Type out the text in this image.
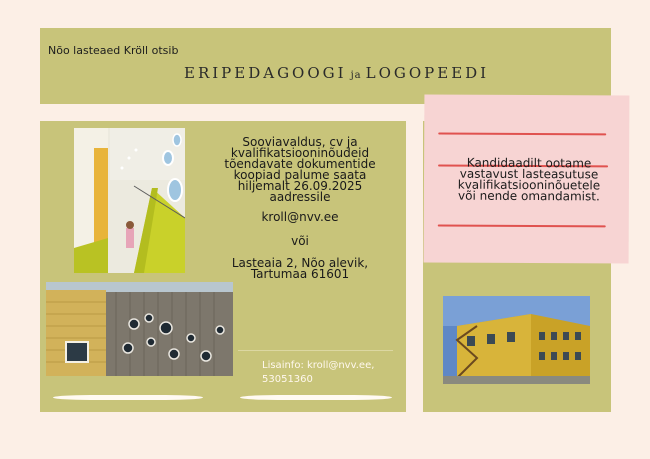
Nõo lasteaed Kröll otsib
ERIPEDAGOOGI ja LOGOPEEDI
Sooviavaldus, cv ja
kvalifikatsiooninõudeid
tõendavate dokumentide
koopiad palume saata
hiljemalt 26.09.2025
aadressile
kroll@nvv.ee
või
Lasteaia 2, Nõo alevik,
Tartumaa 61601
Lisainfo: kroll@nvv.ee,
53051360
Kandidaadilt ootame
vastavust lasteasutuse
kvalifikatsiooninõuetele
või nende omandamist.
